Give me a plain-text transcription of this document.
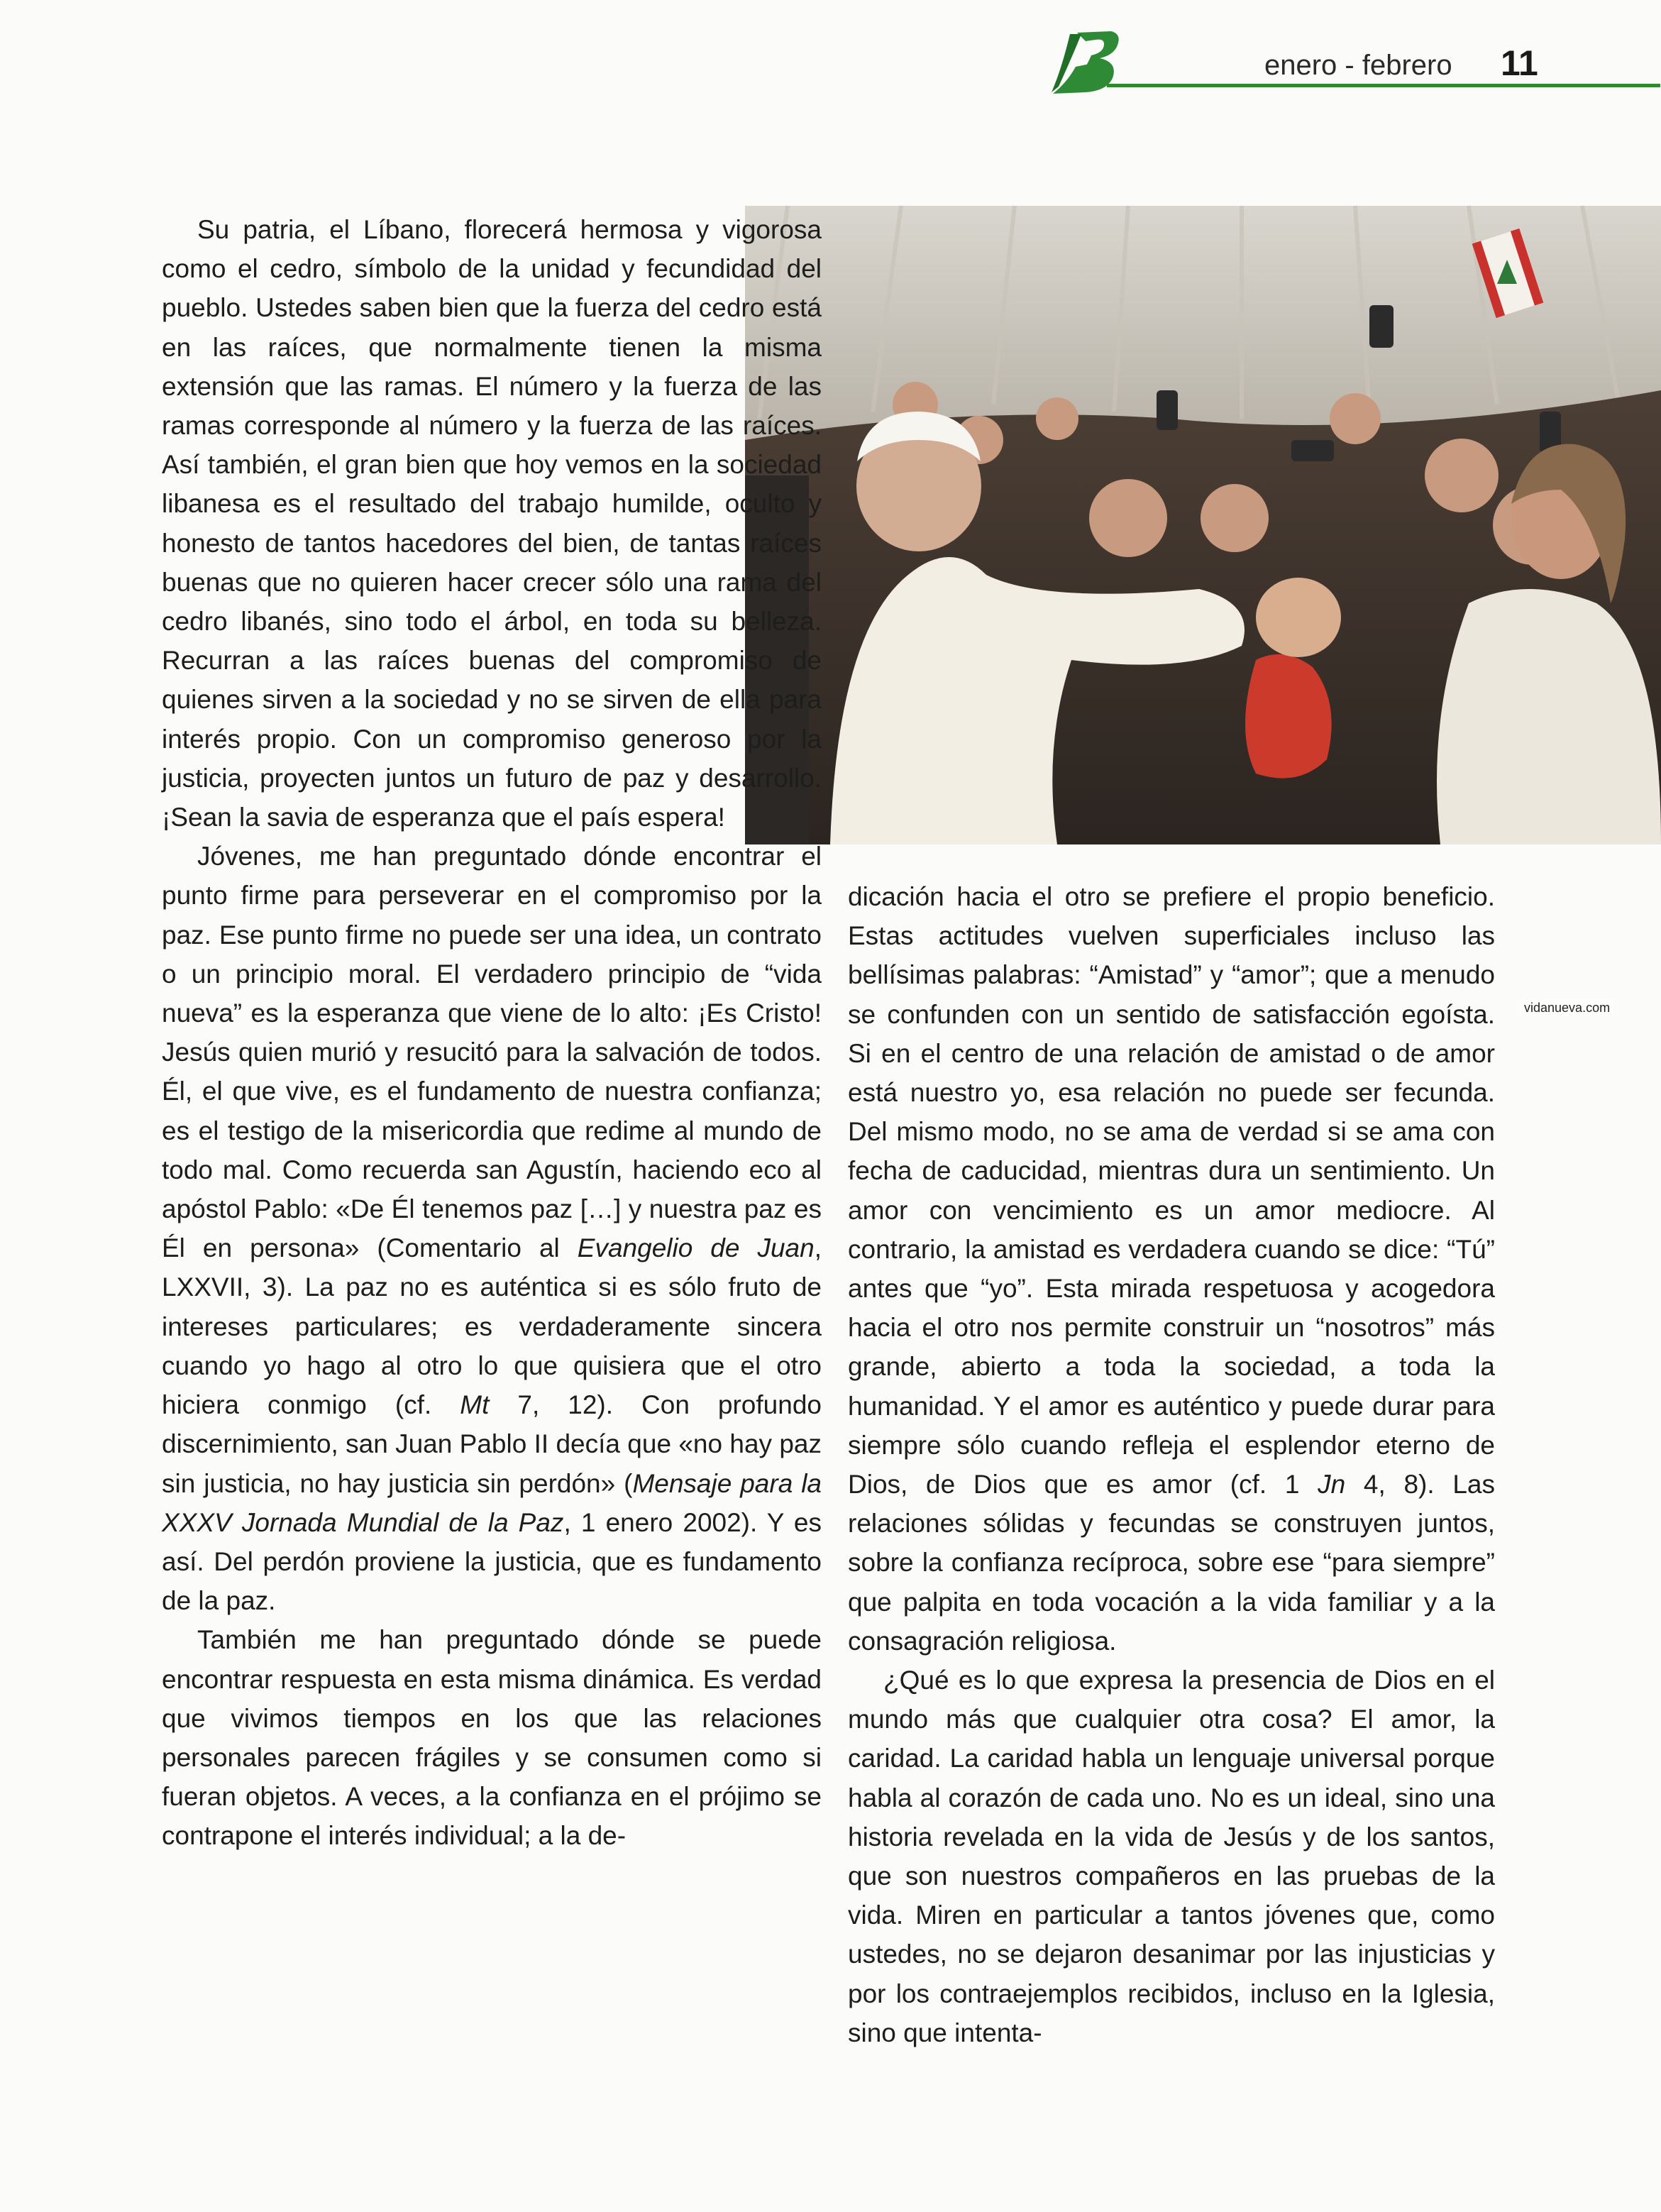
enero - febrero 11
vidanueva.com

Su patria, el Líbano, florecerá hermosa y vigorosa como el cedro, símbolo de la unidad y fecundidad del pueblo. Ustedes saben bien que la fuerza del cedro está en las raíces, que normalmente tienen la misma extensión que las ramas. El número y la fuerza de las ramas corresponde al número y la fuerza de las raíces. Así también, el gran bien que hoy vemos en la sociedad libanesa es el resultado del trabajo humilde, oculto y honesto de tantos hacedores del bien, de tantas raíces buenas que no quieren hacer crecer sólo una rama del cedro libanés, sino todo el árbol, en toda su belleza. Recurran a las raíces buenas del compromiso de quienes sirven a la sociedad y no se sirven de ella para interés propio. Con un compromiso generoso por la justicia, proyecten juntos un futuro de paz y desarrollo. ¡Sean la savia de esperanza que el país espera!

Jóvenes, me han preguntado dónde encontrar el punto firme para perseverar en el compromiso por la paz. Ese punto firme no puede ser una idea, un contrato o un principio moral. El verdadero principio de “vida nueva” es la esperanza que viene de lo alto: ¡Es Cristo! Jesús quien murió y resucitó para la salvación de todos. Él, el que vive, es el fundamento de nuestra confianza; es el testigo de la misericordia que redime al mundo de todo mal. Como recuerda san Agustín, haciendo eco al apóstol Pablo: «De Él tenemos paz […] y nuestra paz es Él en persona» (Comentario al Evangelio de Juan, LXXVII, 3). La paz no es auténtica si es sólo fruto de intereses particulares; es verdaderamente sincera cuando yo hago al otro lo que quisiera que el otro hiciera conmigo (cf. Mt 7, 12). Con profundo discernimiento, san Juan Pablo II decía que «no hay paz sin justicia, no hay justicia sin perdón» (Mensaje para la XXXV Jornada Mundial de la Paz, 1 enero 2002). Y es así. Del perdón proviene la justicia, que es fundamento de la paz.

También me han preguntado dónde se puede encontrar respuesta en esta misma dinámica. Es verdad que vivimos tiempos en los que las relaciones personales parecen frágiles y se consumen como si fueran objetos. A veces, a la confianza en el prójimo se contrapone el interés individual; a la de-

dicación hacia el otro se prefiere el propio beneficio. Estas actitudes vuelven superficiales incluso las bellísimas palabras: “Amistad” y “amor”; que a menudo se confunden con un sentido de satisfacción egoísta. Si en el centro de una relación de amistad o de amor está nuestro yo, esa relación no puede ser fecunda. Del mismo modo, no se ama de verdad si se ama con fecha de caducidad, mientras dura un sentimiento. Un amor con vencimiento es un amor mediocre. Al contrario, la amistad es verdadera cuando se dice: “Tú” antes que “yo”. Esta mirada respetuosa y acogedora hacia el otro nos permite construir un “nosotros” más grande, abierto a toda la sociedad, a toda la humanidad. Y el amor es auténtico y puede durar para siempre sólo cuando refleja el esplendor eterno de Dios, de Dios que es amor (cf. 1 Jn 4, 8). Las relaciones sólidas y fecundas se construyen juntos, sobre la confianza recíproca, sobre ese “para siempre” que palpita en toda vocación a la vida familiar y a la consagración religiosa.

¿Qué es lo que expresa la presencia de Dios en el mundo más que cualquier otra cosa? El amor, la caridad. La caridad habla un lenguaje universal porque habla al corazón de cada uno. No es un ideal, sino una historia revelada en la vida de Jesús y de los santos, que son nuestros compañeros en las pruebas de la vida. Miren en particular a tantos jóvenes que, como ustedes, no se dejaron desanimar por las injusticias y por los contraejemplos recibidos, incluso en la Iglesia, sino que intenta-
